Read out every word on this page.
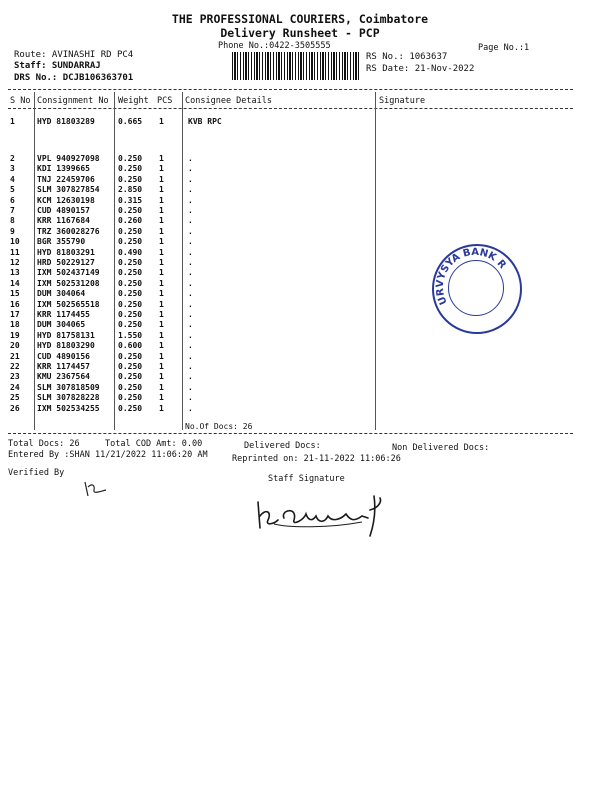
THE PROFESSIONAL COURIERS, Coimbatore
Delivery Runsheet - PCP
Phone No.:0422-3505555	Page No.:1
Route: AVINASHI RD PC4
Staff: SUNDARRAJ
DRS No.: DCJB106363701
RS No.: 1063637
RS Date: 21-Nov-2022
S No Consignment No Weight PCS Consignee Details	Signature
1	HYD 81803289	0.665 1	KVB RPC
2	VPL 940927098 0.250 1	.
3	KDI 1399665	0.250 1	.
4	TNJ 22459706	0.250 1	.
5	SLM 307827854 2.850 1	.
6	KCM 12630198	0.315 1	.
7	CUD 4890157	0.250 1	.
8	KRR 1167684	0.260 1	.
9	TRZ 360028276 0.250 1	.
10 BGR 355790	0.250 1	.
11 HYD 81803291	0.490 1	.
12 HRD 50229127	0.250 1	.
13 IXM 502437149 0.250 1	.
14 IXM 502531208 0.250 1	.
15 DUM 304064	0.250 1	.
16 IXM 502565518 0.250 1	.
17 KRR 1174455	0.250 1	.
18 DUM 304065	0.250 1	.
19 HYD 81758131	1.550 1	.
20 HYD 81803290	0.600 1	.
21 CUD 4890156	0.250 1	.
22 KRR 1174457	0.250 1	.
23 KMU 2367564	0.250 1	.
24 SLM 307818509 0.250 1	.
25 SLM 307828228 0.250 1	.
26 IXM 502534255 0.250 1	.
No.Of Docs: 26
URVYSYA BANK RPC
Total Docs: 26	Total COD Amt: 0.00	Delivered Docs:	Non Delivered Docs:
Entered By :SHAN 11/21/2022 11:06:20 AM	Reprinted on: 21-11-2022 11:06:26
Verified By
Staff Signature
